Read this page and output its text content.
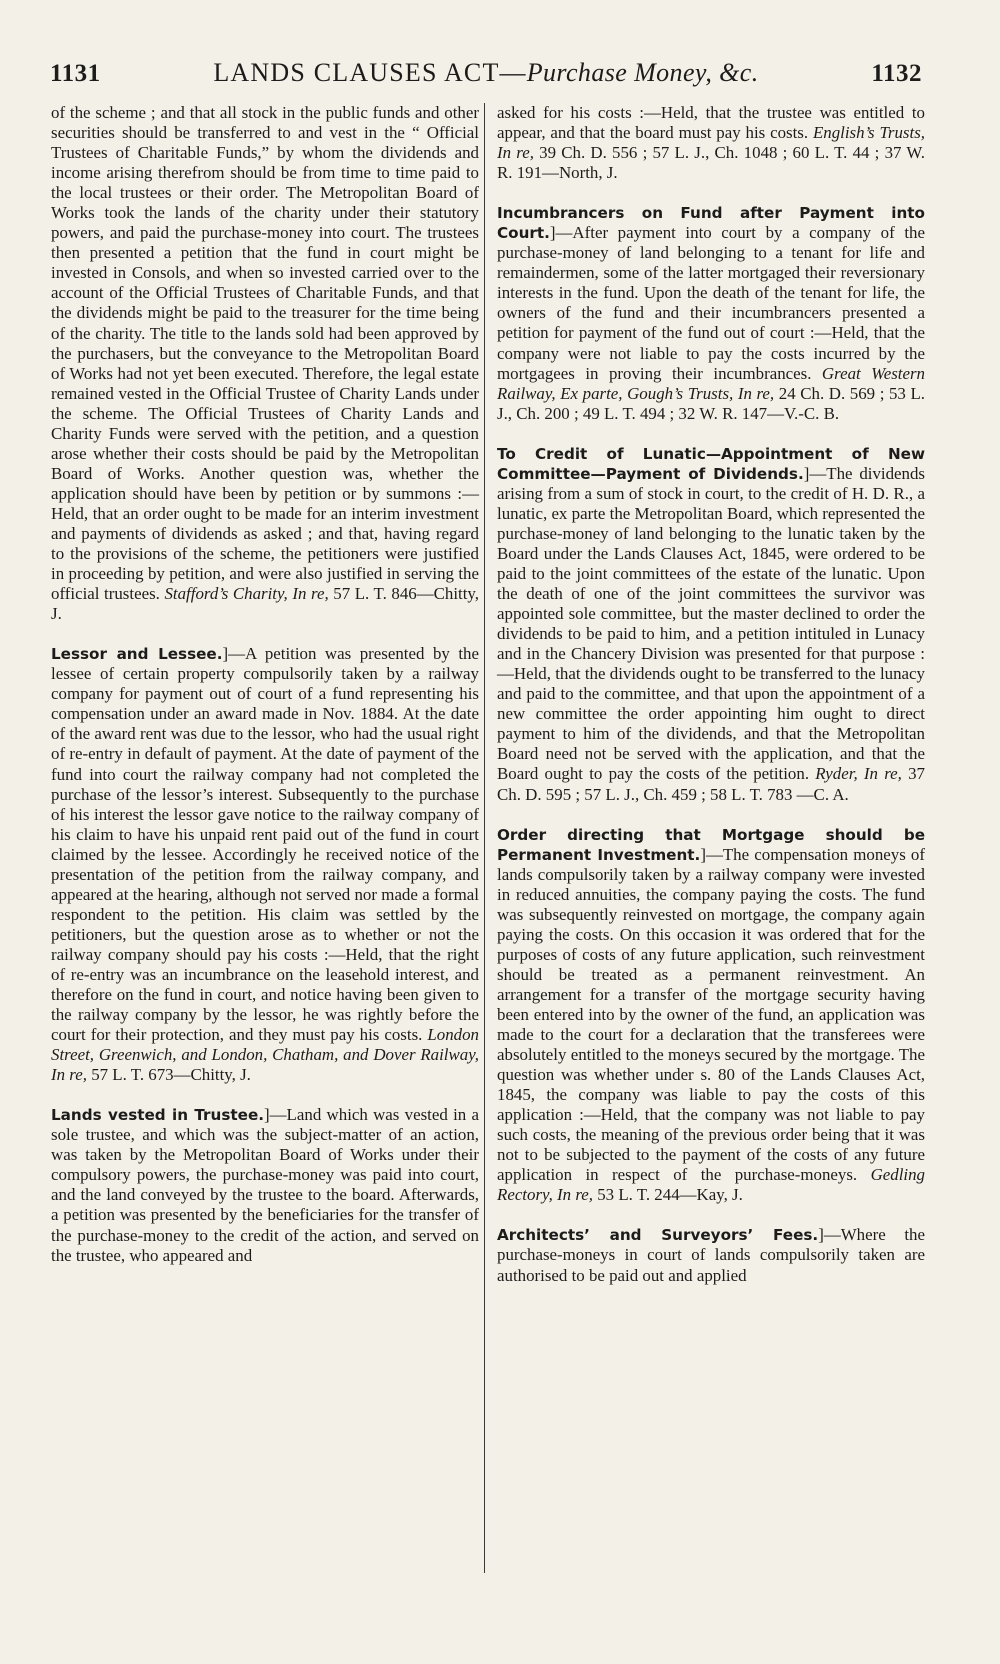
1131	LANDS CLAUSES ACT—Purchase Money, &c.	1132

of the scheme ; and that all stock in the public funds and other securities should be transferred to and vest in the “ Official Trustees of Charitable Funds,” by whom the dividends and income arising therefrom should be from time to time paid to the local trustees or their order. The Metropolitan Board of Works took the lands of the charity under their statutory powers, and paid the purchase-money into court. The trustees then presented a petition that the fund in court might be invested in Consols, and when so invested carried over to the account of the Official Trustees of Charitable Funds, and that the dividends might be paid to the treasurer for the time being of the charity. The title to the lands sold had been approved by the purchasers, but the conveyance to the Metropolitan Board of Works had not yet been executed. Therefore, the legal estate remained vested in the Official Trustee of Charity Lands under the scheme. The Official Trustees of Charity Lands and Charity Funds were served with the petition, and a question arose whether their costs should be paid by the Metropolitan Board of Works. Another question was, whether the application should have been by petition or by summons :— Held, that an order ought to be made for an interim investment and payments of dividends as asked ; and that, having regard to the provisions of the scheme, the petitioners were justified in proceeding by petition, and were also justified in serving the official trustees. Stafford’s Charity, In re, 57 L. T. 846—Chitty, J.

Lessor and Lessee.]—A petition was presented by the lessee of certain property compulsorily taken by a railway company for payment out of court of a fund representing his compensation under an award made in Nov. 1884. At the date of the award rent was due to the lessor, who had the usual right of re-entry in default of payment. At the date of payment of the fund into court the railway company had not completed the purchase of the lessor’s interest. Subsequently to the purchase of his interest the lessor gave notice to the railway company of his claim to have his unpaid rent paid out of the fund in court claimed by the lessee. Accordingly he received notice of the presentation of the petition from the railway company, and appeared at the hearing, although not served nor made a formal respondent to the petition. His claim was settled by the petitioners, but the question arose as to whether or not the railway company should pay his costs :—Held, that the right of re-entry was an incumbrance on the leasehold interest, and therefore on the fund in court, and notice having been given to the railway company by the lessor, he was rightly before the court for their protection, and they must pay his costs. London Street, Greenwich, and London, Chatham, and Dover Railway, In re, 57 L. T. 673—Chitty, J.

Lands vested in Trustee.]—Land which was vested in a sole trustee, and which was the subject-matter of an action, was taken by the Metropolitan Board of Works under their compulsory powers, the purchase-money was paid into court, and the land conveyed by the trustee to the board. Afterwards, a petition was presented by the beneficiaries for the transfer of the purchase-money to the credit of the action, and served on the trustee, who appeared and

asked for his costs :—Held, that the trustee was entitled to appear, and that the board must pay his costs. English’s Trusts, In re, 39 Ch. D. 556 ; 57 L. J., Ch. 1048 ; 60 L. T. 44 ; 37 W. R. 191—North, J.

Incumbrancers on Fund after Payment into Court.]—After payment into court by a company of the purchase-money of land belonging to a tenant for life and remaindermen, some of the latter mortgaged their reversionary interests in the fund. Upon the death of the tenant for life, the owners of the fund and their incumbrancers presented a petition for payment of the fund out of court :—Held, that the company were not liable to pay the costs incurred by the mortgagees in proving their incumbrances. Great Western Railway, Ex parte, Gough’s Trusts, In re, 24 Ch. D. 569 ; 53 L. J., Ch. 200 ; 49 L. T. 494 ; 32 W. R. 147—V.-C. B.

To Credit of Lunatic—Appointment of New Committee—Payment of Dividends.]—The dividends arising from a sum of stock in court, to the credit of H. D. R., a lunatic, ex parte the Metropolitan Board, which represented the purchase-money of land belonging to the lunatic taken by the Board under the Lands Clauses Act, 1845, were ordered to be paid to the joint committees of the estate of the lunatic. Upon the death of one of the joint committees the survivor was appointed sole committee, but the master declined to order the dividends to be paid to him, and a petition intituled in Lunacy and in the Chancery Division was presented for that purpose :—Held, that the dividends ought to be transferred to the lunacy and paid to the committee, and that upon the appointment of a new committee the order appointing him ought to direct payment to him of the dividends, and that the Metropolitan Board need not be served with the application, and that the Board ought to pay the costs of the petition. Ryder, In re, 37 Ch. D. 595 ; 57 L. J., Ch. 459 ; 58 L. T. 783 —C. A.

Order directing that Mortgage should be Permanent Investment.]—The compensation moneys of lands compulsorily taken by a railway company were invested in reduced annuities, the company paying the costs. The fund was subsequently reinvested on mortgage, the company again paying the costs. On this occasion it was ordered that for the purposes of costs of any future application, such reinvestment should be treated as a permanent reinvestment. An arrangement for a transfer of the mortgage security having been entered into by the owner of the fund, an application was made to the court for a declaration that the transferees were absolutely entitled to the moneys secured by the mortgage. The question was whether under s. 80 of the Lands Clauses Act, 1845, the company was liable to pay the costs of this application :—Held, that the company was not liable to pay such costs, the meaning of the previous order being that it was not to be subjected to the payment of the costs of any future application in respect of the purchase-moneys. Gedling Rectory, In re, 53 L. T. 244—Kay, J.

Architects’ and Surveyors’ Fees.]—Where the purchase-moneys in court of lands compulsorily taken are authorised to be paid out and applied
